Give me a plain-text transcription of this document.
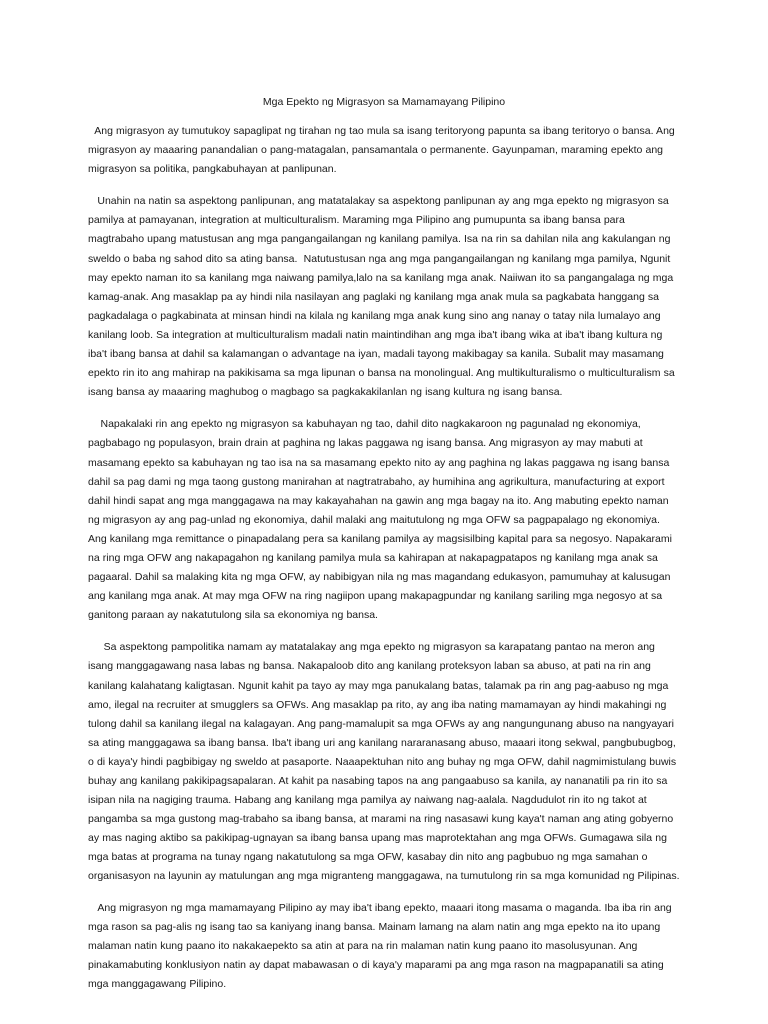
Mga Epekto ng Migrasyon sa Mamamayang Pilipino

Ang migrasyon ay tumutukoy sapaglipat ng tirahan ng tao mula sa isang teritoryong papunta sa ibang teritoryo o bansa. Ang migrasyon ay maaaring panandalian o pang-matagalan, pansamantala o permanente. Gayunpaman, maraming epekto ang migrasyon sa politika, pangkabuhayan at panlipunan.

Unahin na natin sa aspektong panlipunan, ang matatalakay sa aspektong panlipunan ay ang mga epekto ng migrasyon sa pamilya at pamayanan, integration at multiculturalism. Maraming mga Pilipino ang pumupunta sa ibang bansa para magtrabaho upang matustusan ang mga pangangailangan ng kanilang pamilya. Isa na rin sa dahilan nila ang kakulangan ng sweldo o baba ng sahod dito sa ating bansa.  Natutustusan nga ang mga pangangailangan ng kanilang mga pamilya, Ngunit may epekto naman ito sa kanilang mga naiwang pamilya,lalo na sa kanilang mga anak. Naiiwan ito sa pangangalaga ng mga kamag-anak. Ang masaklap pa ay hindi nila nasilayan ang paglaki ng kanilang mga anak mula sa pagkabata hanggang sa pagkadalaga o pagkabinata at minsan hindi na kilala ng kanilang mga anak kung sino ang nanay o tatay nila lumalayo ang kanilang loob. Sa integration at multiculturalism madali natin maintindihan ang mga iba't ibang wika at iba't ibang kultura ng iba't ibang bansa at dahil sa kalamangan o advantage na iyan, madali tayong makibagay sa kanila. Subalit may masamang epekto rin ito ang mahirap na pakikisama sa mga lipunan o bansa na monolingual. Ang multikulturalismo o multiculturalism sa isang bansa ay maaaring maghubog o magbago sa pagkakakilanlan ng isang kultura ng isang bansa.

Napakalaki rin ang epekto ng migrasyon sa kabuhayan ng tao, dahil dito nagkakaroon ng pagunalad ng ekonomiya, pagbabago ng populasyon, brain drain at paghina ng lakas paggawa ng isang bansa. Ang migrasyon ay may mabuti at masamang epekto sa kabuhayan ng tao isa na sa masamang epekto nito ay ang paghina ng lakas paggawa ng isang bansa dahil sa pag dami ng mga taong gustong manirahan at nagtratrabaho, ay humihina ang agrikultura, manufacturing at export dahil hindi sapat ang mga manggagawa na may kakayahahan na gawin ang mga bagay na ito. Ang mabuting epekto naman ng migrasyon ay ang pag-unlad ng ekonomiya, dahil malaki ang maitutulong ng mga OFW sa pagpapalago ng ekonomiya. Ang kanilang mga remittance o pinapadalang pera sa kanilang pamilya ay magsisilbing kapital para sa negosyo. Napakarami na ring mga OFW ang nakapagahon ng kanilang pamilya mula sa kahirapan at nakapagpatapos ng kanilang mga anak sa pagaaral. Dahil sa malaking kita ng mga OFW, ay nabibigyan nila ng mas magandang edukasyon, pamumuhay at kalusugan ang kanilang mga anak. At may mga OFW na ring nagiipon upang makapagpundar ng kanilang sariling mga negosyo at sa ganitong paraan ay nakatutulong sila sa ekonomiya ng bansa.

Sa aspektong pampolitika namam ay matatalakay ang mga epekto ng migrasyon sa karapatang pantao na meron ang isang manggagawang nasa labas ng bansa. Nakapaloob dito ang kanilang proteksyon laban sa abuso, at pati na rin ang kanilang kalahatang kaligtasan. Ngunit kahit pa tayo ay may mga panukalang batas, talamak pa rin ang pag-aabuso ng mga amo, ilegal na recruiter at smugglers sa OFWs. Ang masaklap pa rito, ay ang iba nating mamamayan ay hindi makahingi ng tulong dahil sa kanilang ilegal na kalagayan. Ang pang-mamalupit sa mga OFWs ay ang nangungunang abuso na nangyayari sa ating manggagawa sa ibang bansa. Iba't ibang uri ang kanilang nararanasang abuso, maaari itong sekwal, pangbubugbog, o di kaya'y hindi pagbibigay ng sweldo at pasaporte. Naaapektuhan nito ang buhay ng mga OFW, dahil nagmimistulang buwis buhay ang kanilang pakikipagsapalaran. At kahit pa nasabing tapos na ang pangaabuso sa kanila, ay nananatili pa rin ito sa isipan nila na nagiging trauma. Habang ang kanilang mga pamilya ay naiwang nag-aalala. Nagdudulot rin ito ng takot at pangamba sa mga gustong mag-trabaho sa ibang bansa, at marami na ring nasasawi kung kaya't naman ang ating gobyerno ay mas naging aktibo sa pakikipag-ugnayan sa ibang bansa upang mas maprotektahan ang mga OFWs. Gumagawa sila ng mga batas at programa na tunay ngang nakatutulong sa mga OFW, kasabay din nito ang pagbubuo ng mga samahan o organisasyon na layunin ay matulungan ang mga migranteng manggagawa, na tumutulong rin sa mga komunidad ng Pilipinas.

Ang migrasyon ng mga mamamayang Pilipino ay may iba't ibang epekto, maaari itong masama o maganda. Iba iba rin ang mga rason sa pag-alis ng isang tao sa kaniyang inang bansa. Mainam lamang na alam natin ang mga epekto na ito upang malaman natin kung paano ito nakakaepekto sa atin at para na rin malaman natin kung paano ito masolusyunan. Ang pinakamabuting konklusiyon natin ay dapat mabawasan o di kaya'y maparami pa ang mga rason na magpapanatili sa ating mga manggagawang Pilipino.
